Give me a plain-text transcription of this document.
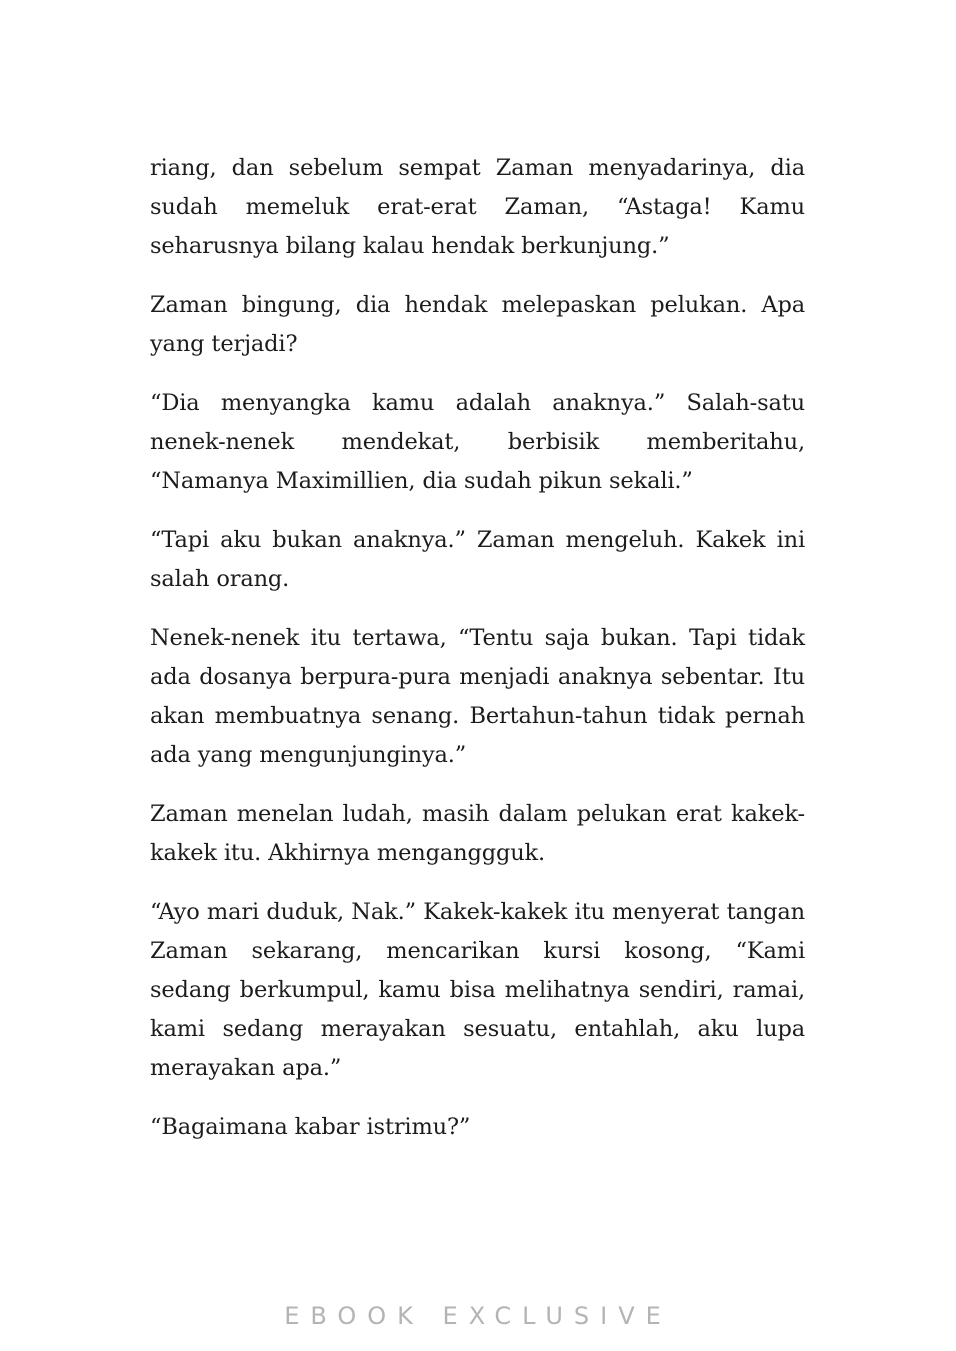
riang, dan sebelum sempat Zaman menyadarinya, dia sudah memeluk erat-erat Zaman, “Astaga! Kamu seharusnya bilang kalau hendak berkunjung.”

Zaman bingung, dia hendak melepaskan pelukan. Apa yang terjadi?

“Dia menyangka kamu adalah anaknya.” Salah-satu nenek-nenek mendekat, berbisik memberitahu, “Namanya Maximillien, dia sudah pikun sekali.”

“Tapi aku bukan anaknya.” Zaman mengeluh. Kakek ini salah orang.

Nenek-nenek itu tertawa, “Tentu saja bukan. Tapi tidak ada dosanya berpura-pura menjadi anaknya sebentar. Itu akan membuatnya senang. Bertahun-tahun tidak pernah ada yang mengunjunginya.”

Zaman menelan ludah, masih dalam pelukan erat kakek-kakek itu. Akhirnya menganggguk.

“Ayo mari duduk, Nak.” Kakek-kakek itu menyerat tangan Zaman sekarang, mencarikan kursi kosong, “Kami sedang berkumpul, kamu bisa melihatnya sendiri, ramai, kami sedang merayakan sesuatu, entahlah, aku lupa merayakan apa.”

“Bagaimana kabar istrimu?”

EBOOK EXCLUSIVE
